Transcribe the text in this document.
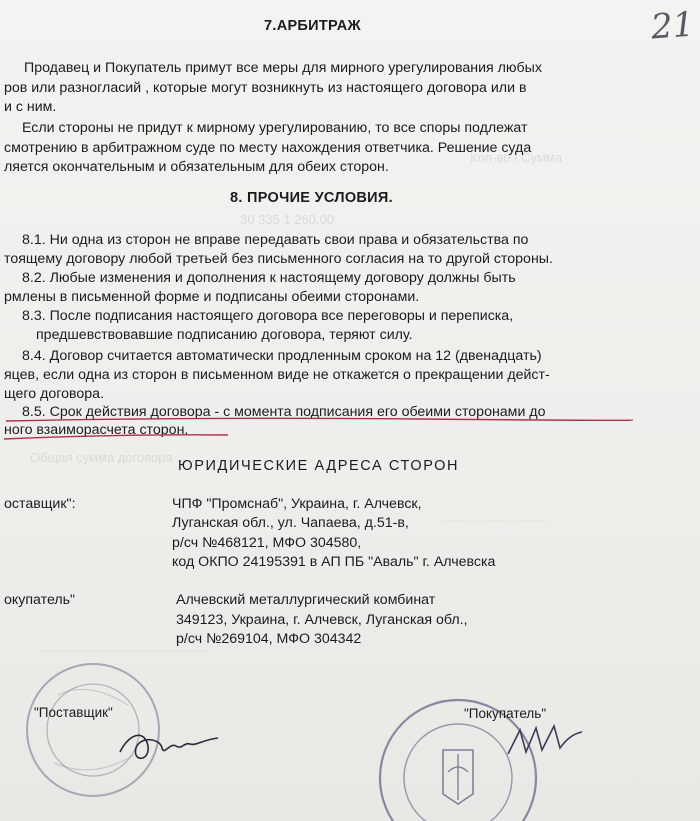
Кол-во / Сумма
30 335 1 260,00
Общая сумма договора ......................................
..............................
..............................................
21
7.АРБИТРАЖ
Продавец и Покупатель примут все меры для мирного урегулирования любых
ров или разногласий , которые могут возникнуть из настоящего договора или в
и с ним.
Если стороны не придут к мирному урегулированию, то все споры подлежат
смотрению в арбитражном суде по месту нахождения ответчика. Решение суда
ляется окончательным и обязательным для обеих сторон.
8. ПРОЧИЕ УСЛОВИЯ.
8.1. Ни одна из сторон не вправе передавать свои права и обязательства по
тоящему договору любой третьей без письменного согласия на то другой стороны.
8.2. Любые изменения и дополнения к настоящему договору должны быть
рмлены в письменной форме и подписаны обеими сторонами.
8.3. После подписания настоящего договора все переговоры и переписка,
предшевствовавшие подписанию договора, теряют силу.
8.4. Договор считается автоматически продленным сроком на 12 (двенадцать)
яцев, если одна из сторон в письменном виде не откажется о прекращении дейст-
щего договора.
8.5. Срок действия договора - с момента подписания его обеими сторонами до
ного взаиморасчета сторон.
ЮРИДИЧЕСКИЕ АДРЕСА СТОРОН
оставщик":	ЧПФ "Промснаб", Украина, г. Алчевск,
Луганская обл., ул. Чапаева, д.51-в,
р/сч №468121, МФО 304580,
код ОКПО 24195391 в АП ПБ "Аваль" г. Алчевска
окупатель"	Алчевский металлургический комбинат
349123, Украина, г. Алчевск, Луганская обл.,
р/сч №269104, МФО 304342
"Поставщик"	"Покупатель"
